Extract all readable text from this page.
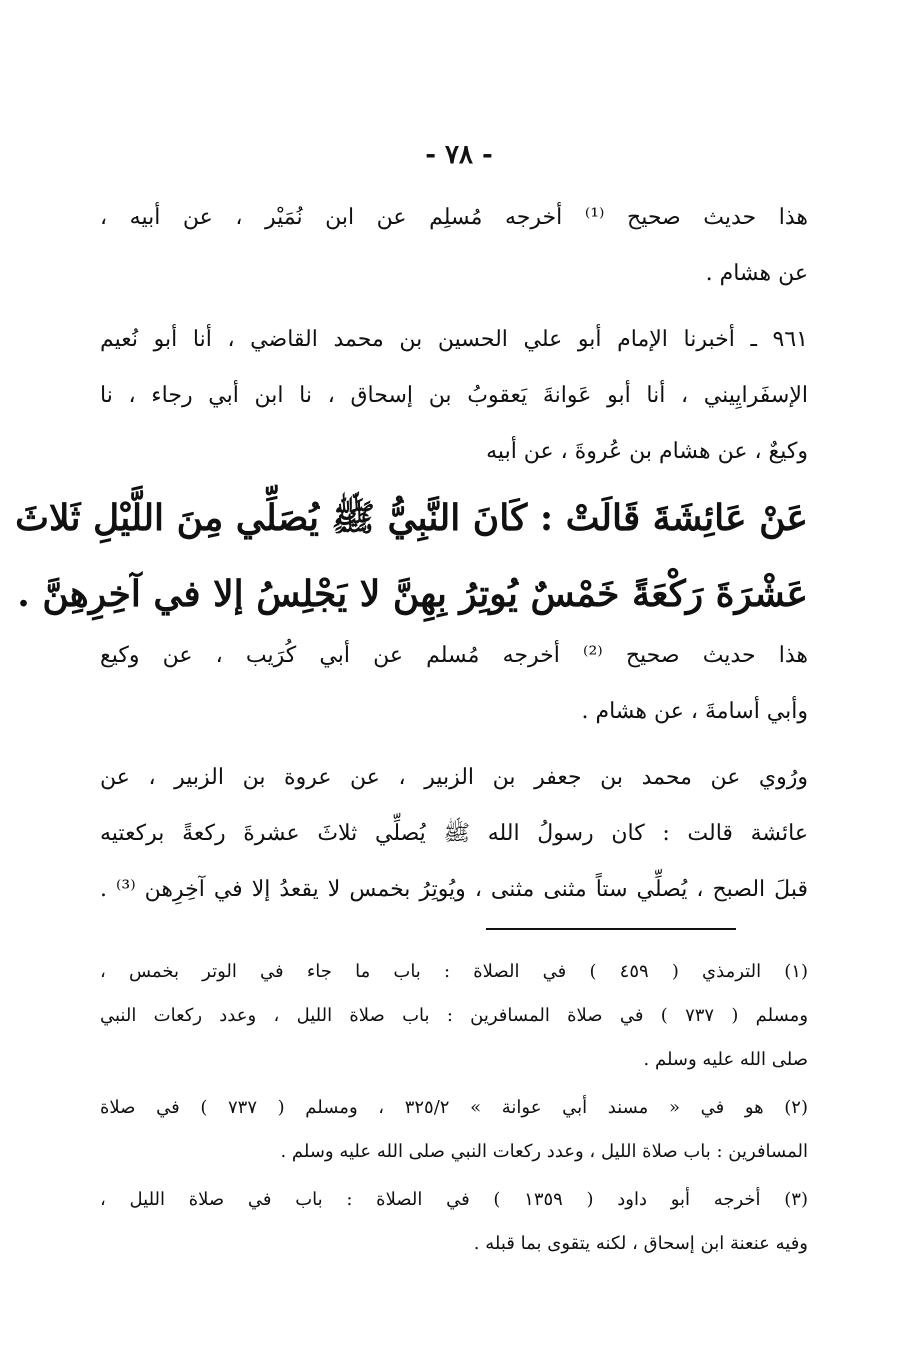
- ٧٨ -
هذا حديث صحيح ⁽¹⁾ أخرجه مُسلِم عن ابن نُمَيْر ، عن أبيه ،
عن هشام .
٩٦١ ـ أخبرنا الإمام أبو علي الحسين بن محمد القاضي ، أنا أبو نُعيم
الإسفَرايِيني ، أنا أبو عَوانةَ يَعقوبُ بن إسحاق ، نا ابن أبي رجاء ، نا
وكيعٌ ، عن هشام بن عُروةَ ، عن أبيه
عَنْ عَائِشَةَ قَالَتْ : كَانَ النَّبِيُّ ﷺ يُصَلِّي مِنَ اللَّيْلِ ثَلاثَ
عَشْرَةَ رَكْعَةً خَمْسٌ يُوتِرُ بِهِنَّ لا يَجْلِسُ إلا في آخِرِهِنَّ .
هذا حديث صحيح ⁽²⁾ أخرجه مُسلم عن أبي كُرَيب ، عن وكيع
وأبي أسامةَ ، عن هشام .
ورُوي عن محمد بن جعفر بن الزبير ، عن عروة بن الزبير ، عن
عائشة قالت : كان رسولُ الله ﷺ يُصلِّي ثلاثَ عشرةَ ركعةً بركعتيه
قبلَ الصبح ، يُصلِّي ستاً مثنى مثنى ، ويُوتِرُ بخمس لا يقعدُ إلا في آخِرِهن ⁽³⁾ .
(١) الترمذي ( ٤٥٩ ) في الصلاة : باب ما جاء في الوتر بخمس ،
ومسلم ( ٧٣٧ ) في صلاة المسافرين : باب صلاة الليل ، وعدد ركعات النبي
صلى الله عليه وسلم .
(٢) هو في « مسند أبي عوانة » ٣٢٥/٢ ، ومسلم ( ٧٣٧ ) في صلاة
المسافرين : باب صلاة الليل ، وعدد ركعات النبي صلى الله عليه وسلم .
(٣) أخرجه أبو داود ( ١٣٥٩ ) في الصلاة : باب في صلاة الليل ،
وفيه عنعنة ابن إسحاق ، لكنه يتقوى بما قبله .
